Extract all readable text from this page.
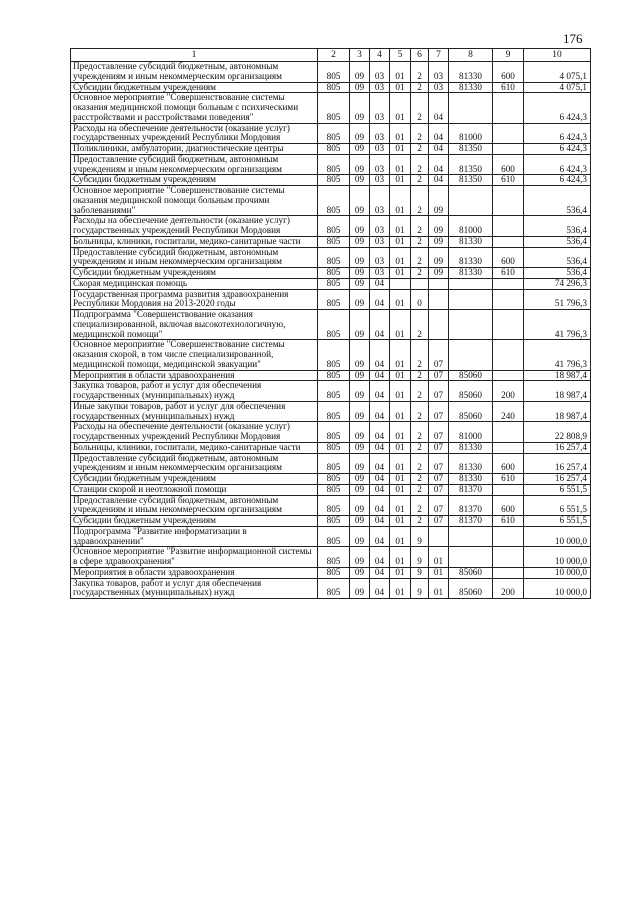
176
1	2	3	4	5	6	7	8	9	10
Предоставление субсидий бюджетным, автономным учреждениям и иным некоммерческим организациям	805	09	03	01	2	03	81330	600	4 075,1
Субсидии бюджетным учреждениям	805	09	03	01	2	03	81330	610	4 075,1
Основное мероприятие "Совершенствование системы оказания медицинской помощи больным с психическими расстройствами и расстройствами поведения"	805	09	03	01	2	04			6 424,3
Расходы на обеспечение деятельности (оказание услуг) государственных учреждений Республики Мордовия	805	09	03	01	2	04	81000		6 424,3
Поликлиники, амбулатории, диагностические центры	805	09	03	01	2	04	81350		6 424,3
Предоставление субсидий бюджетным, автономным учреждениям и иным некоммерческим организациям	805	09	03	01	2	04	81350	600	6 424,3
Субсидии бюджетным учреждениям	805	09	03	01	2	04	81350	610	6 424,3
Основное мероприятие "Совершенствование системы оказания медицинской помощи больным прочими заболеваниями"	805	09	03	01	2	09			536,4
Расходы на обеспечение деятельности (оказание услуг) государственных учреждений Республики Мордовия	805	09	03	01	2	09	81000		536,4
Больницы, клиники, госпитали, медико-санитарные части	805	09	03	01	2	09	81330		536,4
Предоставление субсидий бюджетным, автономным учреждениям и иным некоммерческим организациям	805	09	03	01	2	09	81330	600	536,4
Субсидии бюджетным учреждениям	805	09	03	01	2	09	81330	610	536,4
Скорая медицинская помощь	805	09	04						74 296,3
Государственная программа развития здравоохранения Республики Мордовия на 2013-2020 годы	805	09	04	01	0				51 796,3
Подпрограмма "Совершенствование оказания специализированной, включая высокотехнологичную, медицинской помощи"	805	09	04	01	2				41 796,3
Основное мероприятие "Совершенствование системы оказания скорой, в том числе специализированной, медицинской помощи, медицинской эвакуации"	805	09	04	01	2	07			41 796,3
Мероприятия в области здравоохранения	805	09	04	01	2	07	85060		18 987,4
Закупка товаров, работ и услуг для обеспечения государственных (муниципальных) нужд	805	09	04	01	2	07	85060	200	18 987,4
Иные закупки товаров, работ и услуг для обеспечения государственных (муниципальных) нужд	805	09	04	01	2	07	85060	240	18 987,4
Расходы на обеспечение деятельности (оказание услуг) государственных учреждений Республики Мордовия	805	09	04	01	2	07	81000		22 808,9
Больницы, клиники, госпитали, медико-санитарные части	805	09	04	01	2	07	81330		16 257,4
Предоставление субсидий бюджетным, автономным учреждениям и иным некоммерческим организациям	805	09	04	01	2	07	81330	600	16 257,4
Субсидии бюджетным учреждениям	805	09	04	01	2	07	81330	610	16 257,4
Станции скорой и неотложной помощи	805	09	04	01	2	07	81370		6 551,5
Предоставление субсидий бюджетным, автономным учреждениям и иным некоммерческим организациям	805	09	04	01	2	07	81370	600	6 551,5
Субсидии бюджетным учреждениям	805	09	04	01	2	07	81370	610	6 551,5
Подпрограмма "Развитие информатизации в здравоохранении"	805	09	04	01	9				10 000,0
Основное мероприятие "Развитие информационной системы в сфере здравоохранения"	805	09	04	01	9	01			10 000,0
Мероприятия в области здравоохранения	805	09	04	01	9	01	85060		10 000,0
Закупка товаров, работ и услуг для обеспечения государственных (муниципальных) нужд	805	09	04	01	9	01	85060	200	10 000,0
